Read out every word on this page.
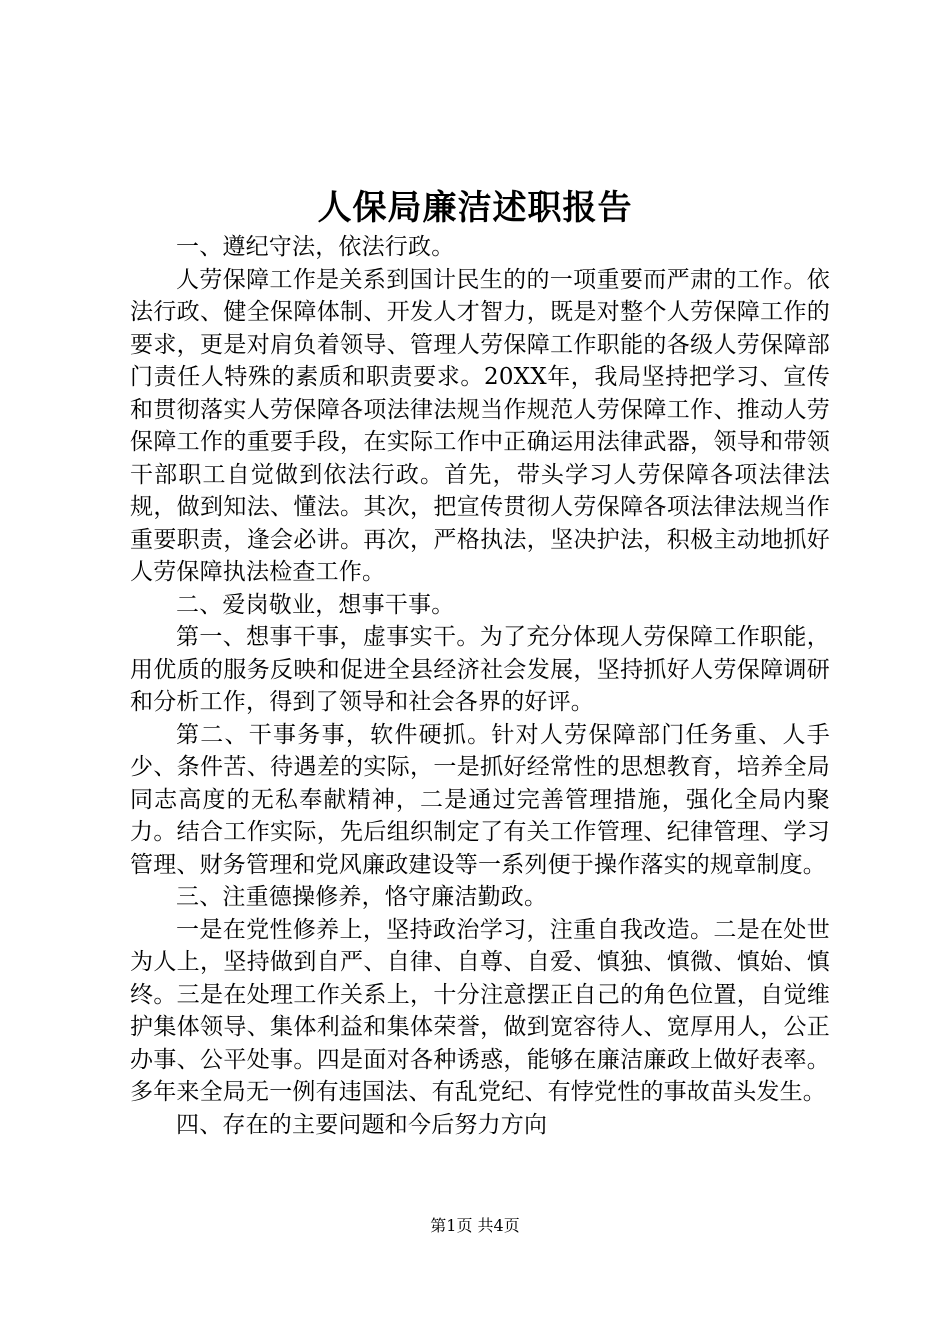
人保局廉洁述职报告

一、遵纪守法，依法行政。

人劳保障工作是关系到国计民生的的一项重要而严肃的工作。依法行政、健全保障体制、开发人才智力，既是对整个人劳保障工作的要求，更是对肩负着领导、管理人劳保障工作职能的各级人劳保障部门责任人特殊的素质和职责要求。20XX年，我局坚持把学习、宣传和贯彻落实人劳保障各项法律法规当作规范人劳保障工作、推动人劳保障工作的重要手段，在实际工作中正确运用法律武器，领导和带领干部职工自觉做到依法行政。首先，带头学习人劳保障各项法律法规，做到知法、懂法。其次，把宣传贯彻人劳保障各项法律法规当作重要职责，逢会必讲。再次，严格执法，坚决护法，积极主动地抓好人劳保障执法检查工作。

二、爱岗敬业，想事干事。

第一、想事干事，虚事实干。为了充分体现人劳保障工作职能，用优质的服务反映和促进全县经济社会发展，坚持抓好人劳保障调研和分析工作，得到了领导和社会各界的好评。

第二、干事务事，软件硬抓。针对人劳保障部门任务重、人手少、条件苦、待遇差的实际，一是抓好经常性的思想教育，培养全局同志高度的无私奉献精神，二是通过完善管理措施，强化全局内聚力。结合工作实际，先后组织制定了有关工作管理、纪律管理、学习管理、财务管理和党风廉政建设等一系列便于操作落实的规章制度。

三、注重德操修养，恪守廉洁勤政。

一是在党性修养上，坚持政治学习，注重自我改造。二是在处世为人上，坚持做到自严、自律、自尊、自爱、慎独、慎微、慎始、慎终。三是在处理工作关系上，十分注意摆正自己的角色位置，自觉维护集体领导、集体利益和集体荣誉，做到宽容待人、宽厚用人，公正办事、公平处事。四是面对各种诱惑，能够在廉洁廉政上做好表率。多年来全局无一例有违国法、有乱党纪、有悖党性的事故苗头发生。

四、存在的主要问题和今后努力方向

第1页 共4页
